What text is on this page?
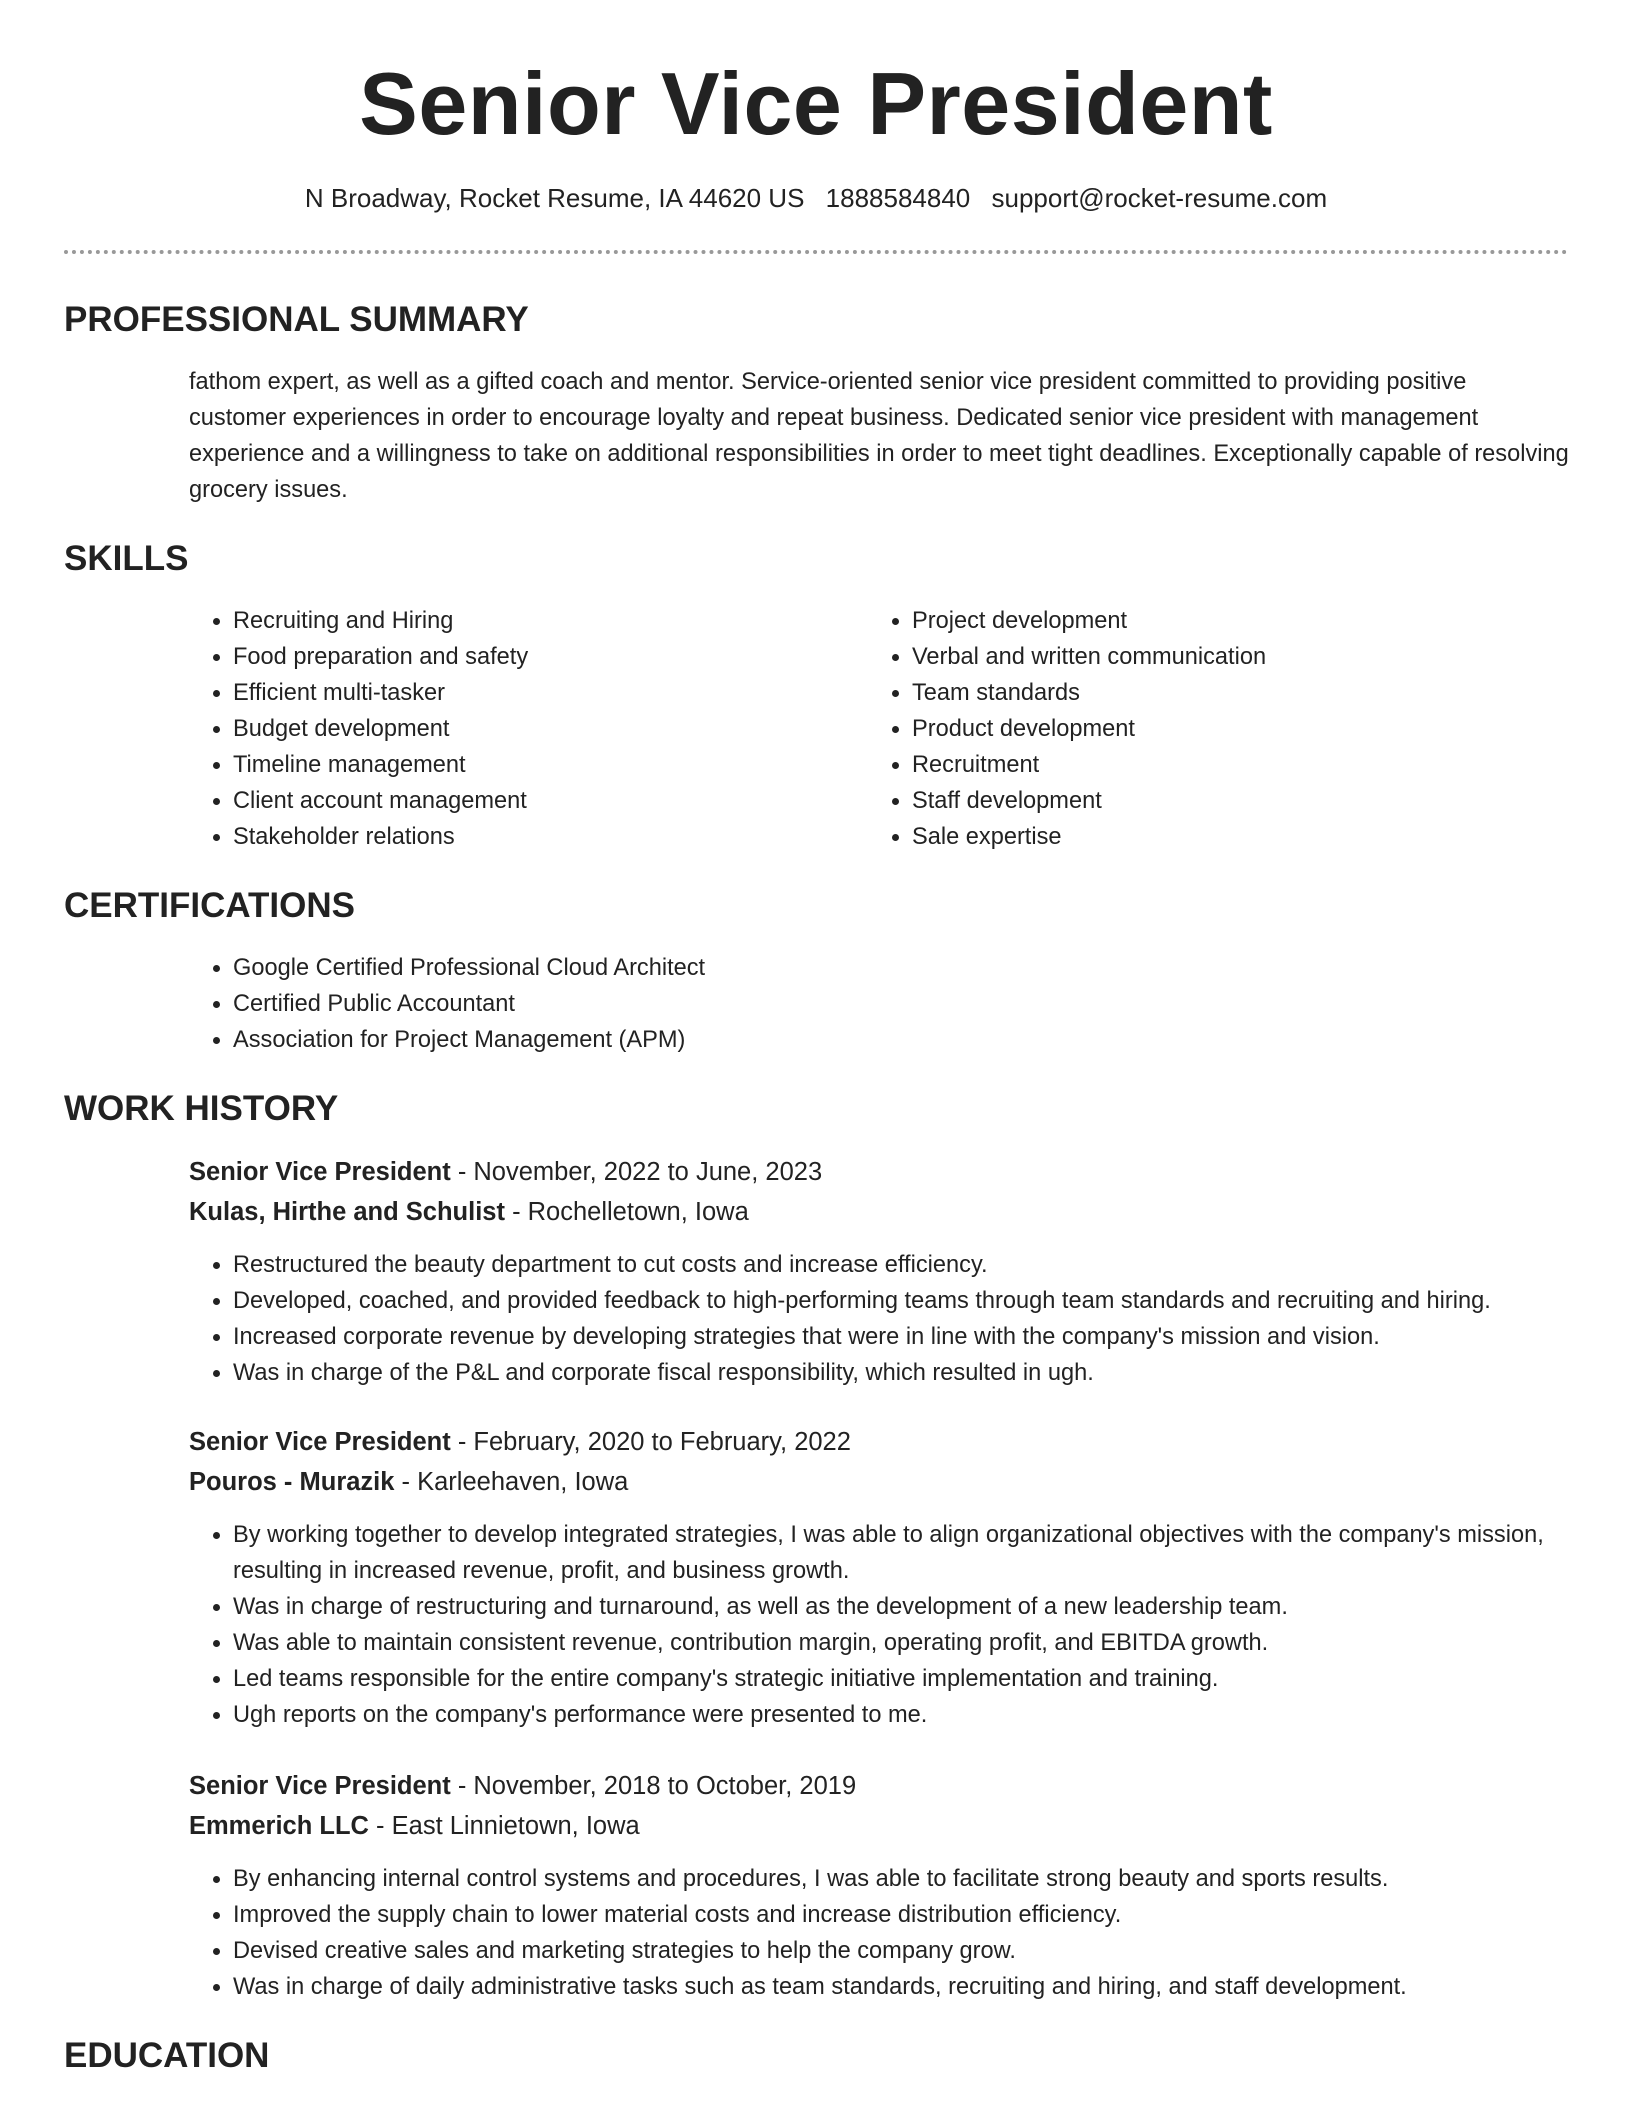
Senior Vice President
N Broadway, Rocket Resume, IA 44620 US 1888584840 support@rocket-resume.com
PROFESSIONAL SUMMARY

fathom expert, as well as a gifted coach and mentor. Service-oriented senior vice president committed to providing positive customer experiences in order to encourage loyalty and repeat business. Dedicated senior vice president with management experience and a willingness to take on additional responsibilities in order to meet tight deadlines. Exceptionally capable of resolving grocery issues.

SKILLS
• Recruiting and Hiring
• Food preparation and safety
• Efficient multi-tasker
• Budget development
• Timeline management
• Client account management
• Stakeholder relations
• Project development
• Verbal and written communication
• Team standards
• Product development
• Recruitment
• Staff development
• Sale expertise
CERTIFICATIONS
• Google Certified Professional Cloud Architect
• Certified Public Accountant
• Association for Project Management (APM)
WORK HISTORY
Senior Vice President - November, 2022 to June, 2023
Kulas, Hirthe and Schulist - Rochelletown, Iowa
• Restructured the beauty department to cut costs and increase efficiency.
• Developed, coached, and provided feedback to high-performing teams through team standards and recruiting and hiring.
• Increased corporate revenue by developing strategies that were in line with the company's mission and vision.
• Was in charge of the P&L and corporate fiscal responsibility, which resulted in ugh.
Senior Vice President - February, 2020 to February, 2022
Pouros - Murazik - Karleehaven, Iowa
• By working together to develop integrated strategies, I was able to align organizational objectives with the company's mission, resulting in increased revenue, profit, and business growth.
• Was in charge of restructuring and turnaround, as well as the development of a new leadership team.
• Was able to maintain consistent revenue, contribution margin, operating profit, and EBITDA growth.
• Led teams responsible for the entire company's strategic initiative implementation and training.
• Ugh reports on the company's performance were presented to me.
Senior Vice President - November, 2018 to October, 2019
Emmerich LLC - East Linnietown, Iowa
• By enhancing internal control systems and procedures, I was able to facilitate strong beauty and sports results.
• Improved the supply chain to lower material costs and increase distribution efficiency.
• Devised creative sales and marketing strategies to help the company grow.
• Was in charge of daily administrative tasks such as team standards, recruiting and hiring, and staff development.
EDUCATION
